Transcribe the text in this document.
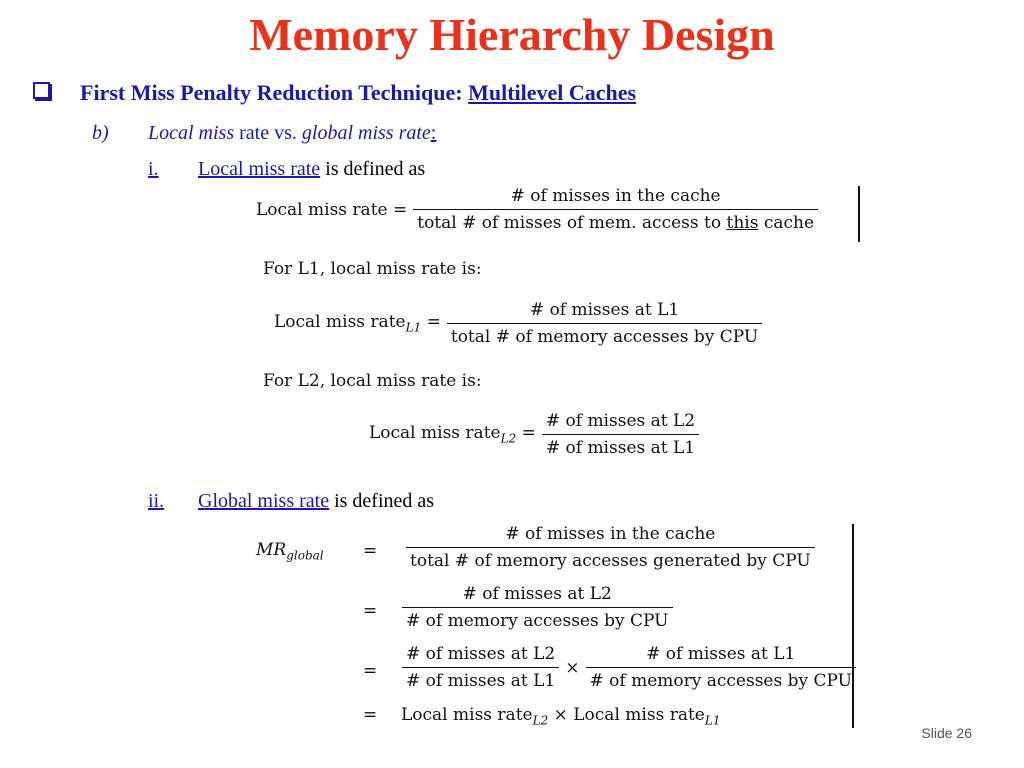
Memory Hierarchy Design
First Miss Penalty Reduction Technique: Multilevel Caches
b) Local miss rate vs. global miss rate:
i. Local miss rate is defined as
Local miss rate = $\frac{\text{\# of misses in the cache}}{\text{total \# of misses of mem. access to this cache}}$
For L1, local miss rate is:
Local miss rate$_{L1}$ = $\frac{\text{\# of misses at L1}}{\text{total \# of memory accesses by CPU}}$
For L2, local miss rate is:
Local miss rate$_{L2}$ = $\frac{\text{\# of misses at L2}}{\text{\# of misses at L1}}$
ii. Global miss rate is defined as
$MR_{global} = \frac{\text{\# of misses in the cache}}{\text{total \# of memory accesses generated by CPU}}$
= $\frac{\text{\# of misses at L2}}{\text{\# of memory accesses by CPU}}$
= $\frac{\text{\# of misses at L2}}{\text{\# of misses at L1}} \times \frac{\text{\# of misses at L1}}{\text{\# of memory accesses by CPU}}$
= Local miss rate$_{L2}$ × Local miss rate$_{L1}$
Slide 26
